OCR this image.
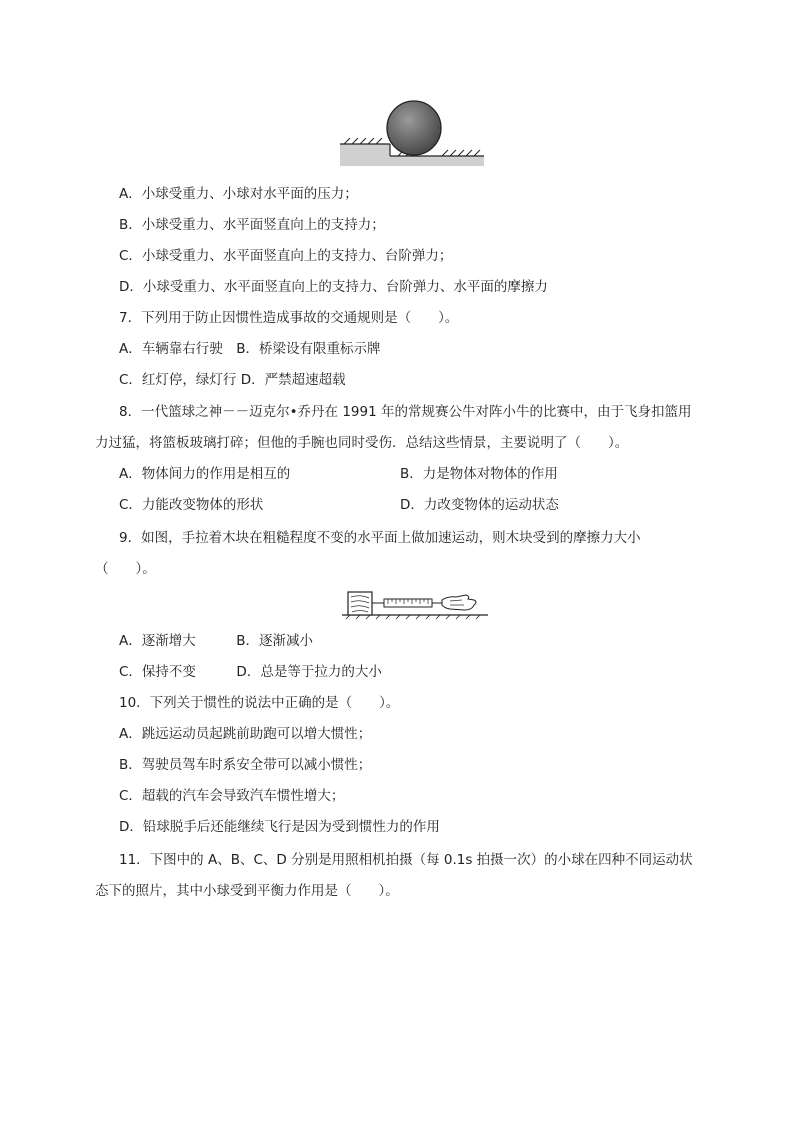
A．小球受重力、小球对水平面的压力；
B．小球受重力、水平面竖直向上的支持力；
C．小球受重力、水平面竖直向上的支持力、台阶弹力；
D．小球受重力、水平面竖直向上的支持力、台阶弹力、水平面的摩擦力
7．下列用于防止因惯性造成事故的交通规则是（　　）。
A．车辆靠右行驶　B．桥梁设有限重标示牌
C．红灯停，绿灯行 D．严禁超速超载
8．一代篮球之神－－迈克尔•乔丹在 1991 年的常规赛公牛对阵小牛的比赛中，由于飞身扣篮用
力过猛，将篮板玻璃打碎；但他的手腕也同时受伤．总结这些情景，主要说明了（　　）。
A．物体间力的作用是相互的	B．力是物体对物体的作用
C．力能改变物体的形状	D．力改变物体的运动状态
9．如图，手拉着木块在粗糙程度不变的水平面上做加速运动，则木块受到的摩擦力大小
（　　）。
A．逐渐增大　　　B．逐渐减小
C．保持不变　　　D．总是等于拉力的大小
10．下列关于惯性的说法中正确的是（　　）。
A．跳远运动员起跳前助跑可以增大惯性；
B．驾驶员驾车时系安全带可以减小惯性；
C．超载的汽车会导致汽车惯性增大；
D．铅球脱手后还能继续飞行是因为受到惯性力的作用
11．下图中的 A、B、C、D 分别是用照相机拍摄（每 0.1s 拍摄一次）的小球在四种不同运动状
态下的照片，其中小球受到平衡力作用是（　　）。
